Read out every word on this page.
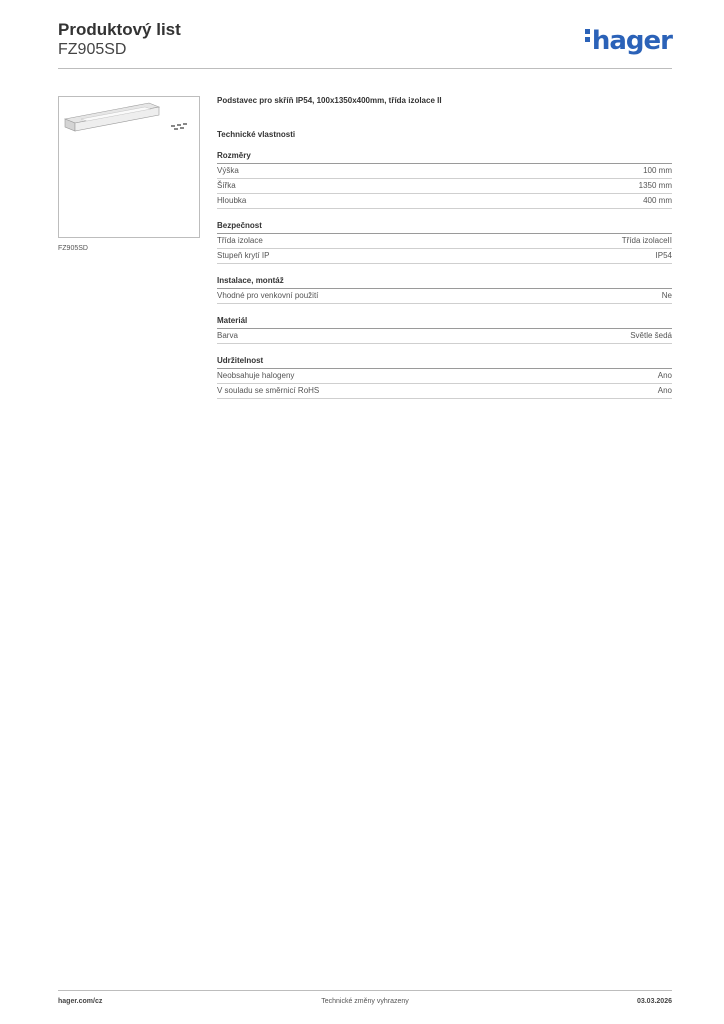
Produktový list
FZ905SD	hager
FZ905SD
Podstavec pro skříň IP54, 100x1350x400mm, třída izolace II
Technické vlastnosti
Rozměry
Výška	100 mm
Šířka	1350 mm
Hloubka	400 mm
Bezpečnost
Třída izolace	Třída izolaceII
Stupeň krytí IP	IP54
Instalace, montáž
Vhodné pro venkovní použití	Ne
Materiál
Barva	Světle šedá
Udržitelnost
Neobsahuje halogeny	Ano
V souladu se směrnicí RoHS	Ano
hager.com/cz	Technické změny vyhrazeny	03.03.2026
